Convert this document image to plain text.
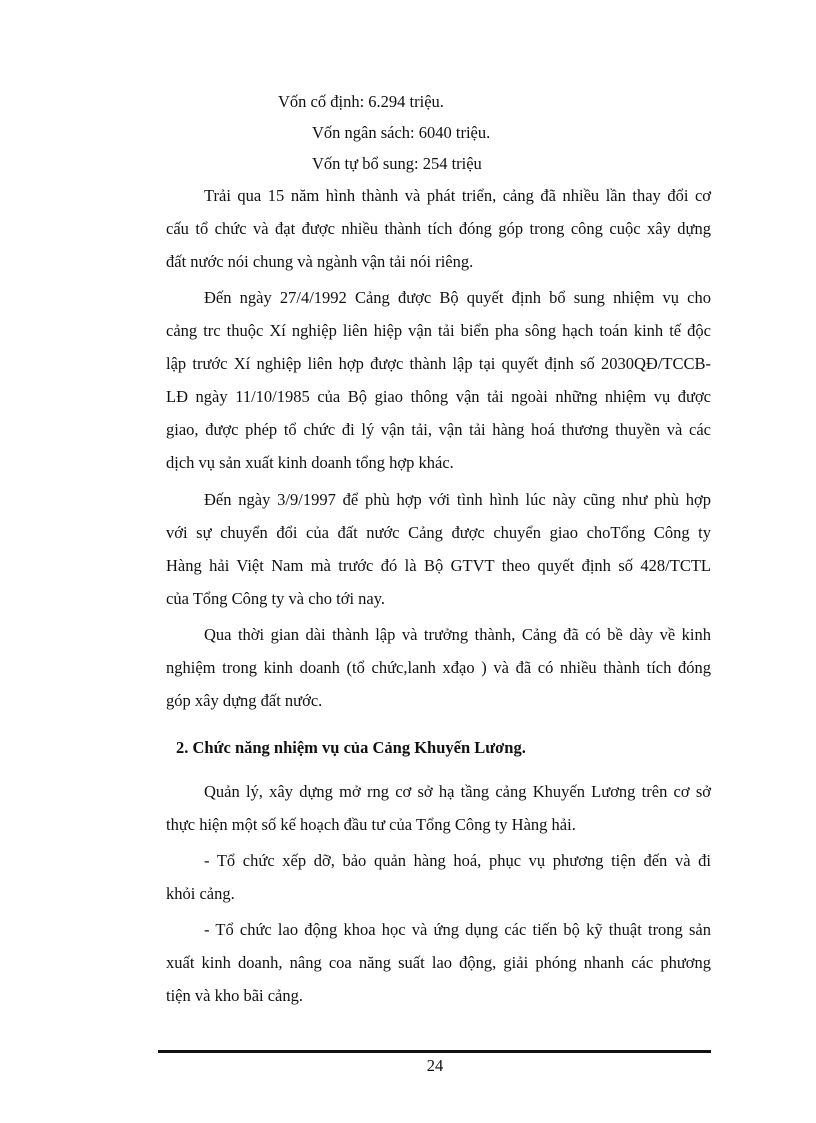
Vốn cố định: 6.294 triệu.
Vốn ngân sách: 6040 triệu.
Vốn tự bổ sung: 254 triệu
Trải qua 15 năm hình thành và phát triển, cảng đã nhiều lần thay đổi cơ
cấu tổ chức và đạt được nhiều thành tích đóng góp trong công cuộc xây dựng
đất nước nói chung và ngành vận tải nói riêng.
Đến ngày 27/4/1992 Cảng được Bộ quyết định bổ sung nhiệm vụ cho
cảng trc thuộc Xí nghiệp liên hiệp vận tải biển pha sông hạch toán kinh tế độc
lập trước Xí nghiệp liên hợp được thành lập tại quyết định số 2030QĐ/TCCB-
LĐ ngày 11/10/1985 của Bộ giao thông vận tải ngoài những nhiệm vụ được
giao, được phép tổ chức đi lý vận tải, vận tải hàng hoá thương thuyền và các
dịch vụ sản xuất kinh doanh tổng hợp khác.
Đến ngày 3/9/1997 để phù hợp với tình hình lúc này cũng như phù hợp
với sự chuyển đổi của đất nước Cảng được chuyển giao choTổng Công ty
Hàng hải Việt Nam mà trước đó là Bộ GTVT theo quyết định số 428/TCTL
của Tổng Công ty và cho tới nay.
Qua thời gian dài thành lập và trưởng thành, Cảng đã có bề dày về kinh
nghiệm trong kinh doanh (tổ chức,lanh xđạo ) và đã có nhiều thành tích đóng
góp xây dựng đất nước.
2. Chức năng nhiệm vụ của Cảng Khuyến Lương.
Quản lý, xây dựng mở rng cơ sở hạ tầng cảng Khuyến Lương trên cơ sở
thực hiện một số kế hoạch đầu tư của Tổng Công ty Hàng hải.
- Tổ chức xếp dỡ, bảo quản hàng hoá, phục vụ phương tiện đến và đi
khỏi cảng.
- Tổ chức lao động khoa học và ứng dụng các tiến bộ kỹ thuật trong sản
xuất kinh doanh, nâng coa năng suất lao động, giải phóng nhanh các phương
tiện và kho bãi cảng.
24
